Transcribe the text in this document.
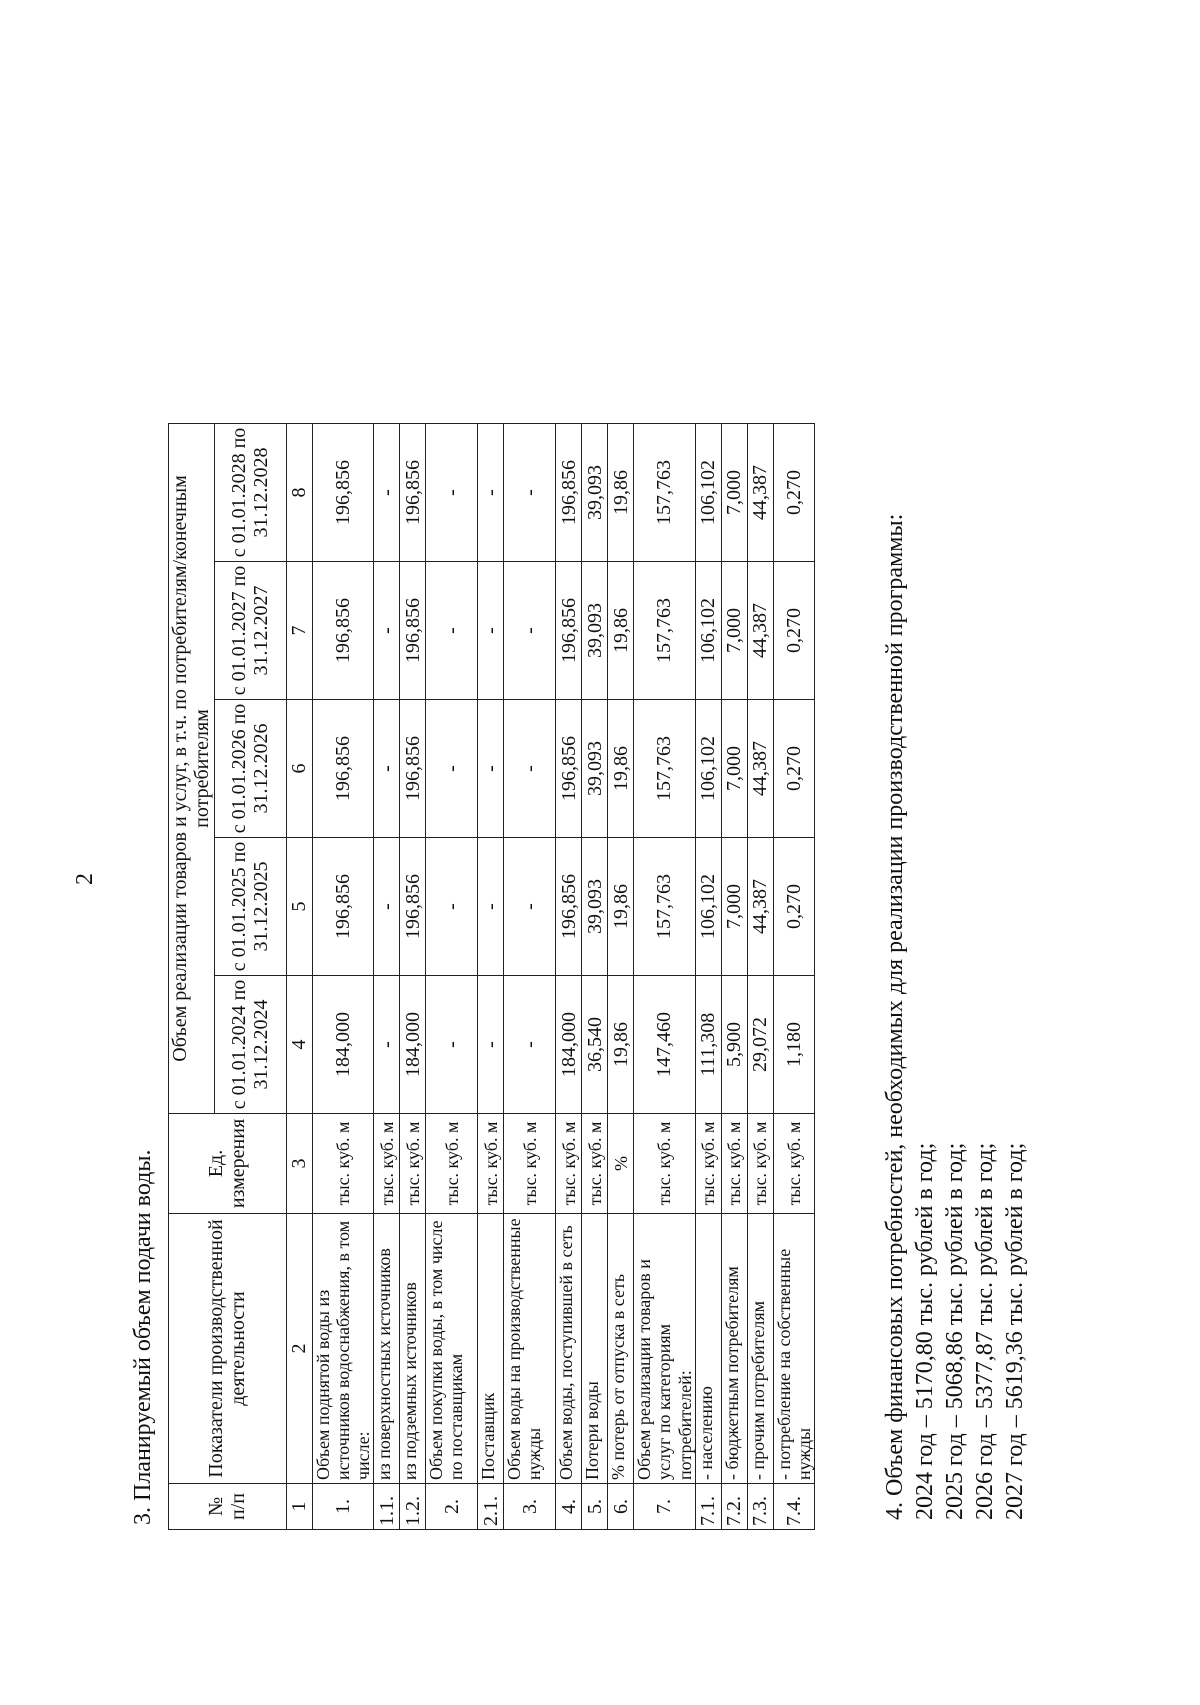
2
3. Планируемый объем подачи воды. № п/п	Показатели производственной деятельности	Ед. измерения	Объем реализации товаров и услуг, в т.ч. по потребителям/конечным потребителям				
			с 01.01.2024 по 31.12.2024	с 01.01.2025 по 31.12.2025	с 01.01.2026 по 31.12.2026	с 01.01.2027 по 31.12.2027	с 01.01.2028 по 31.12.2028
1	2	3	4	5	6	7	8
1.	Объем поднятой воды из источников водоснабжения, в том числе:	тыс. куб. м	184,000	196,856	196,856	196,856	196,856
1.1.	из поверхностных источников	тыс. куб. м	-	-	-	-	-
1.2.	из подземных источников	тыс. куб. м	184,000	196,856	196,856	196,856	196,856
2.	Объем покупки воды, в том числе по поставщикам	тыс. куб. м	-	-	-	-	-
2.1.	Поставщик	тыс. куб. м	-	-	-	-	-
3.	Объем воды на производственные нужды	тыс. куб. м	-	-	-	-	-
4.	Объем воды, поступившей в сеть	тыс. куб. м	184,000	196,856	196,856	196,856	196,856
5.	Потери воды	тыс. куб. м	36,540	39,093	39,093	39,093	39,093
6.	% потерь от отпуска в сеть	%	19,86	19,86	19,86	19,86	19,86
7.	Объем реализации товаров и услуг по категориям потребителей:	тыс. куб. м	147,460	157,763	157,763	157,763	157,763
7.1.	- населению	тыс. куб. м	111,308	106,102	106,102	106,102	106,102
7.2.	- бюджетным потребителям	тыс. куб. м	5,900	7,000	7,000	7,000	7,000
7.3.	- прочим потребителям	тыс. куб. м	29,072	44,387	44,387	44,387	44,387
7.4.	- потребление на собственные нужды	тыс. куб. м	1,180	0,270	0,270	0,270	0,270
4. Объем финансовых потребностей, необходимых для реализации производственной программы: 2024 год – 5170,80 тыс. рублей в год; 2025 год – 5068,86 тыс. рублей в год; 2026 год – 5377,87 тыс. рублей в год; 2027 год – 5619,36 тыс. рублей в год;
